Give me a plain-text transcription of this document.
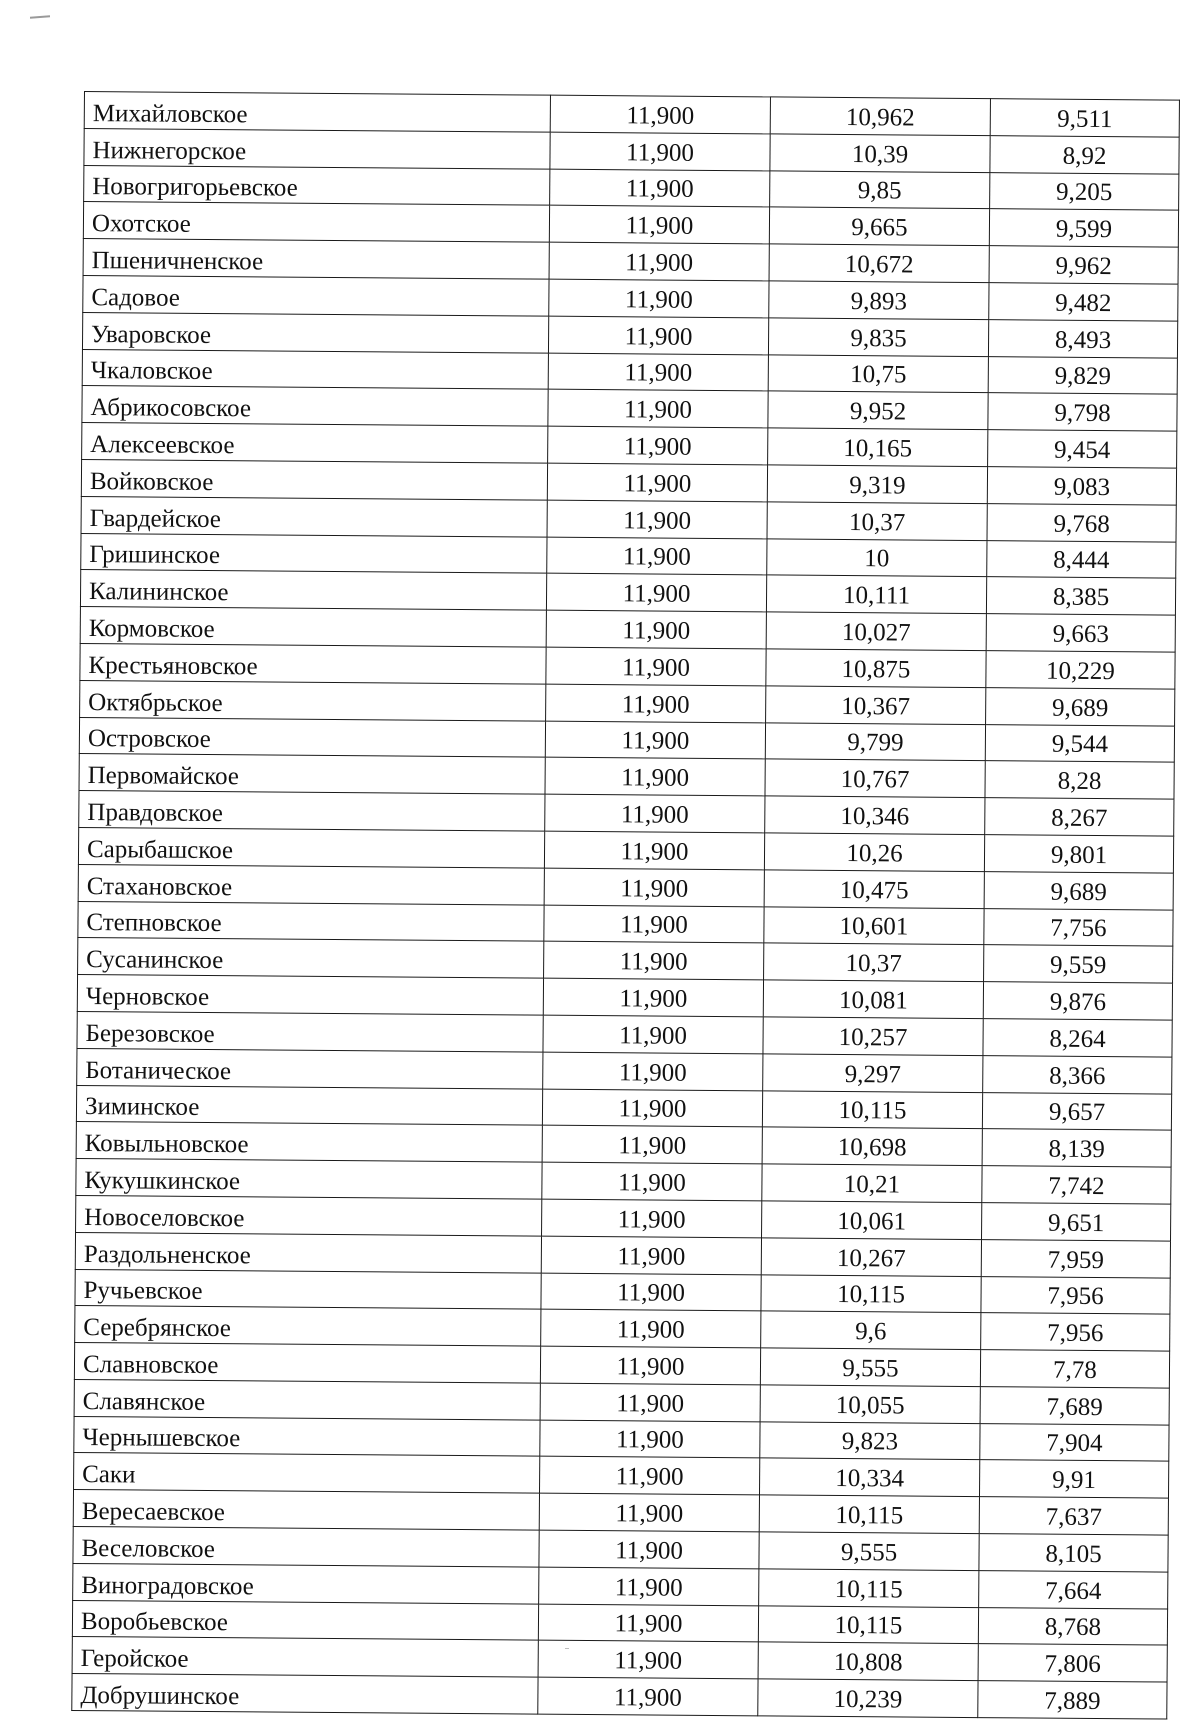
Михайловское	11,900	10,962	9,511
Нижнегорское	11,900	10,39	8,92
Новогригорьевское	11,900	9,85	9,205
Охотское	11,900	9,665	9,599
Пшеничненское	11,900	10,672	9,962
Садовое	11,900	9,893	9,482
Уваровское	11,900	9,835	8,493
Чкаловское	11,900	10,75	9,829
Абрикосовское	11,900	9,952	9,798
Алексеевское	11,900	10,165	9,454
Войковское	11,900	9,319	9,083
Гвардейское	11,900	10,37	9,768
Гришинское	11,900	10	8,444
Калининское	11,900	10,111	8,385
Кормовское	11,900	10,027	9,663
Крестьяновское	11,900	10,875	10,229
Октябрьское	11,900	10,367	9,689
Островское	11,900	9,799	9,544
Первомайское	11,900	10,767	8,28
Правдовское	11,900	10,346	8,267
Сарыбашское	11,900	10,26	9,801
Стахановское	11,900	10,475	9,689
Степновское	11,900	10,601	7,756
Сусанинское	11,900	10,37	9,559
Черновское	11,900	10,081	9,876
Березовское	11,900	10,257	8,264
Ботаническое	11,900	9,297	8,366
Зиминское	11,900	10,115	9,657
Ковыльновское	11,900	10,698	8,139
Кукушкинское	11,900	10,21	7,742
Новоселовское	11,900	10,061	9,651
Раздольненское	11,900	10,267	7,959
Ручьевское	11,900	10,115	7,956
Серебрянское	11,900	9,6	7,956
Славновское	11,900	9,555	7,78
Славянское	11,900	10,055	7,689
Чернышевское	11,900	9,823	7,904
Саки	11,900	10,334	9,91
Вересаевское	11,900	10,115	7,637
Веселовское	11,900	9,555	8,105
Виноградовское	11,900	10,115	7,664
Воробьевское	11,900	10,115	8,768
Геройское	11,900	10,808	7,806
Добрушинское	11,900	10,239	7,889
